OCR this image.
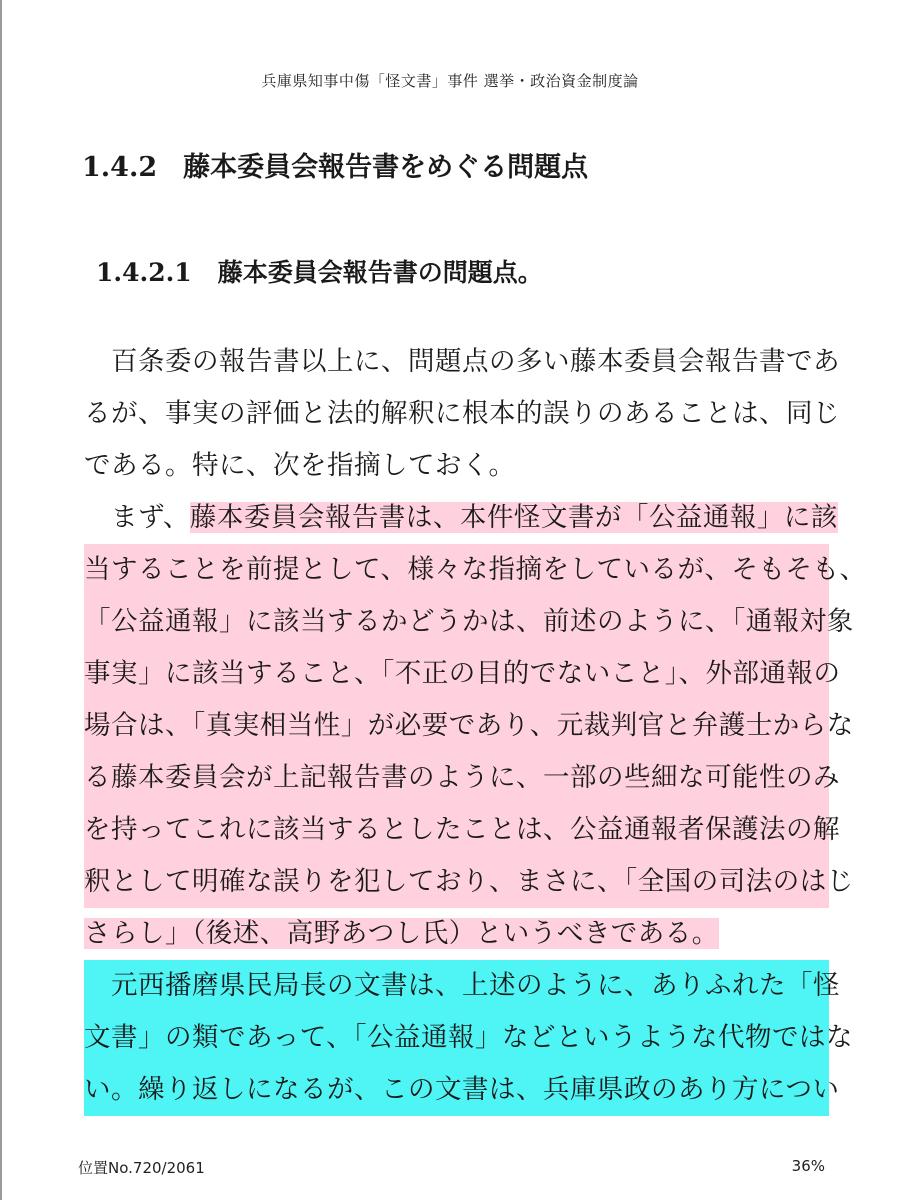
兵庫県知事中傷「怪文書」事件 選挙・政治資金制度論
1.4.2 藤本委員会報告書をめぐる問題点
1.4.2.1 藤本委員会報告書の問題点。
　百条委の報告書以上に、問題点の多い藤本委員会報告書であ
るが、事実の評価と法的解釈に根本的誤りのあることは、同じ
である。特に、次を指摘しておく。
　まず、藤本委員会報告書は、本件怪文書が「公益通報」に該
当することを前提として、様々な指摘をしているが、そもそも、
「公益通報」に該当するかどうかは、前述のように、「通報対象
事実」に該当すること、「不正の目的でないこと」、外部通報の
場合は、「真実相当性」が必要であり、元裁判官と弁護士からな
る藤本委員会が上記報告書のように、一部の些細な可能性のみ
を持ってこれに該当するとしたことは、公益通報者保護法の解
釈として明確な誤りを犯しており、まさに、「全国の司法のはじ
さらし」（後述、高野あつし氏）というべきである。
　元西播磨県民局長の文書は、上述のように、ありふれた「怪
文書」の類であって、「公益通報」などというような代物ではな
い。繰り返しになるが、この文書は、兵庫県政のあり方につい
位置No.720/2061	36%
